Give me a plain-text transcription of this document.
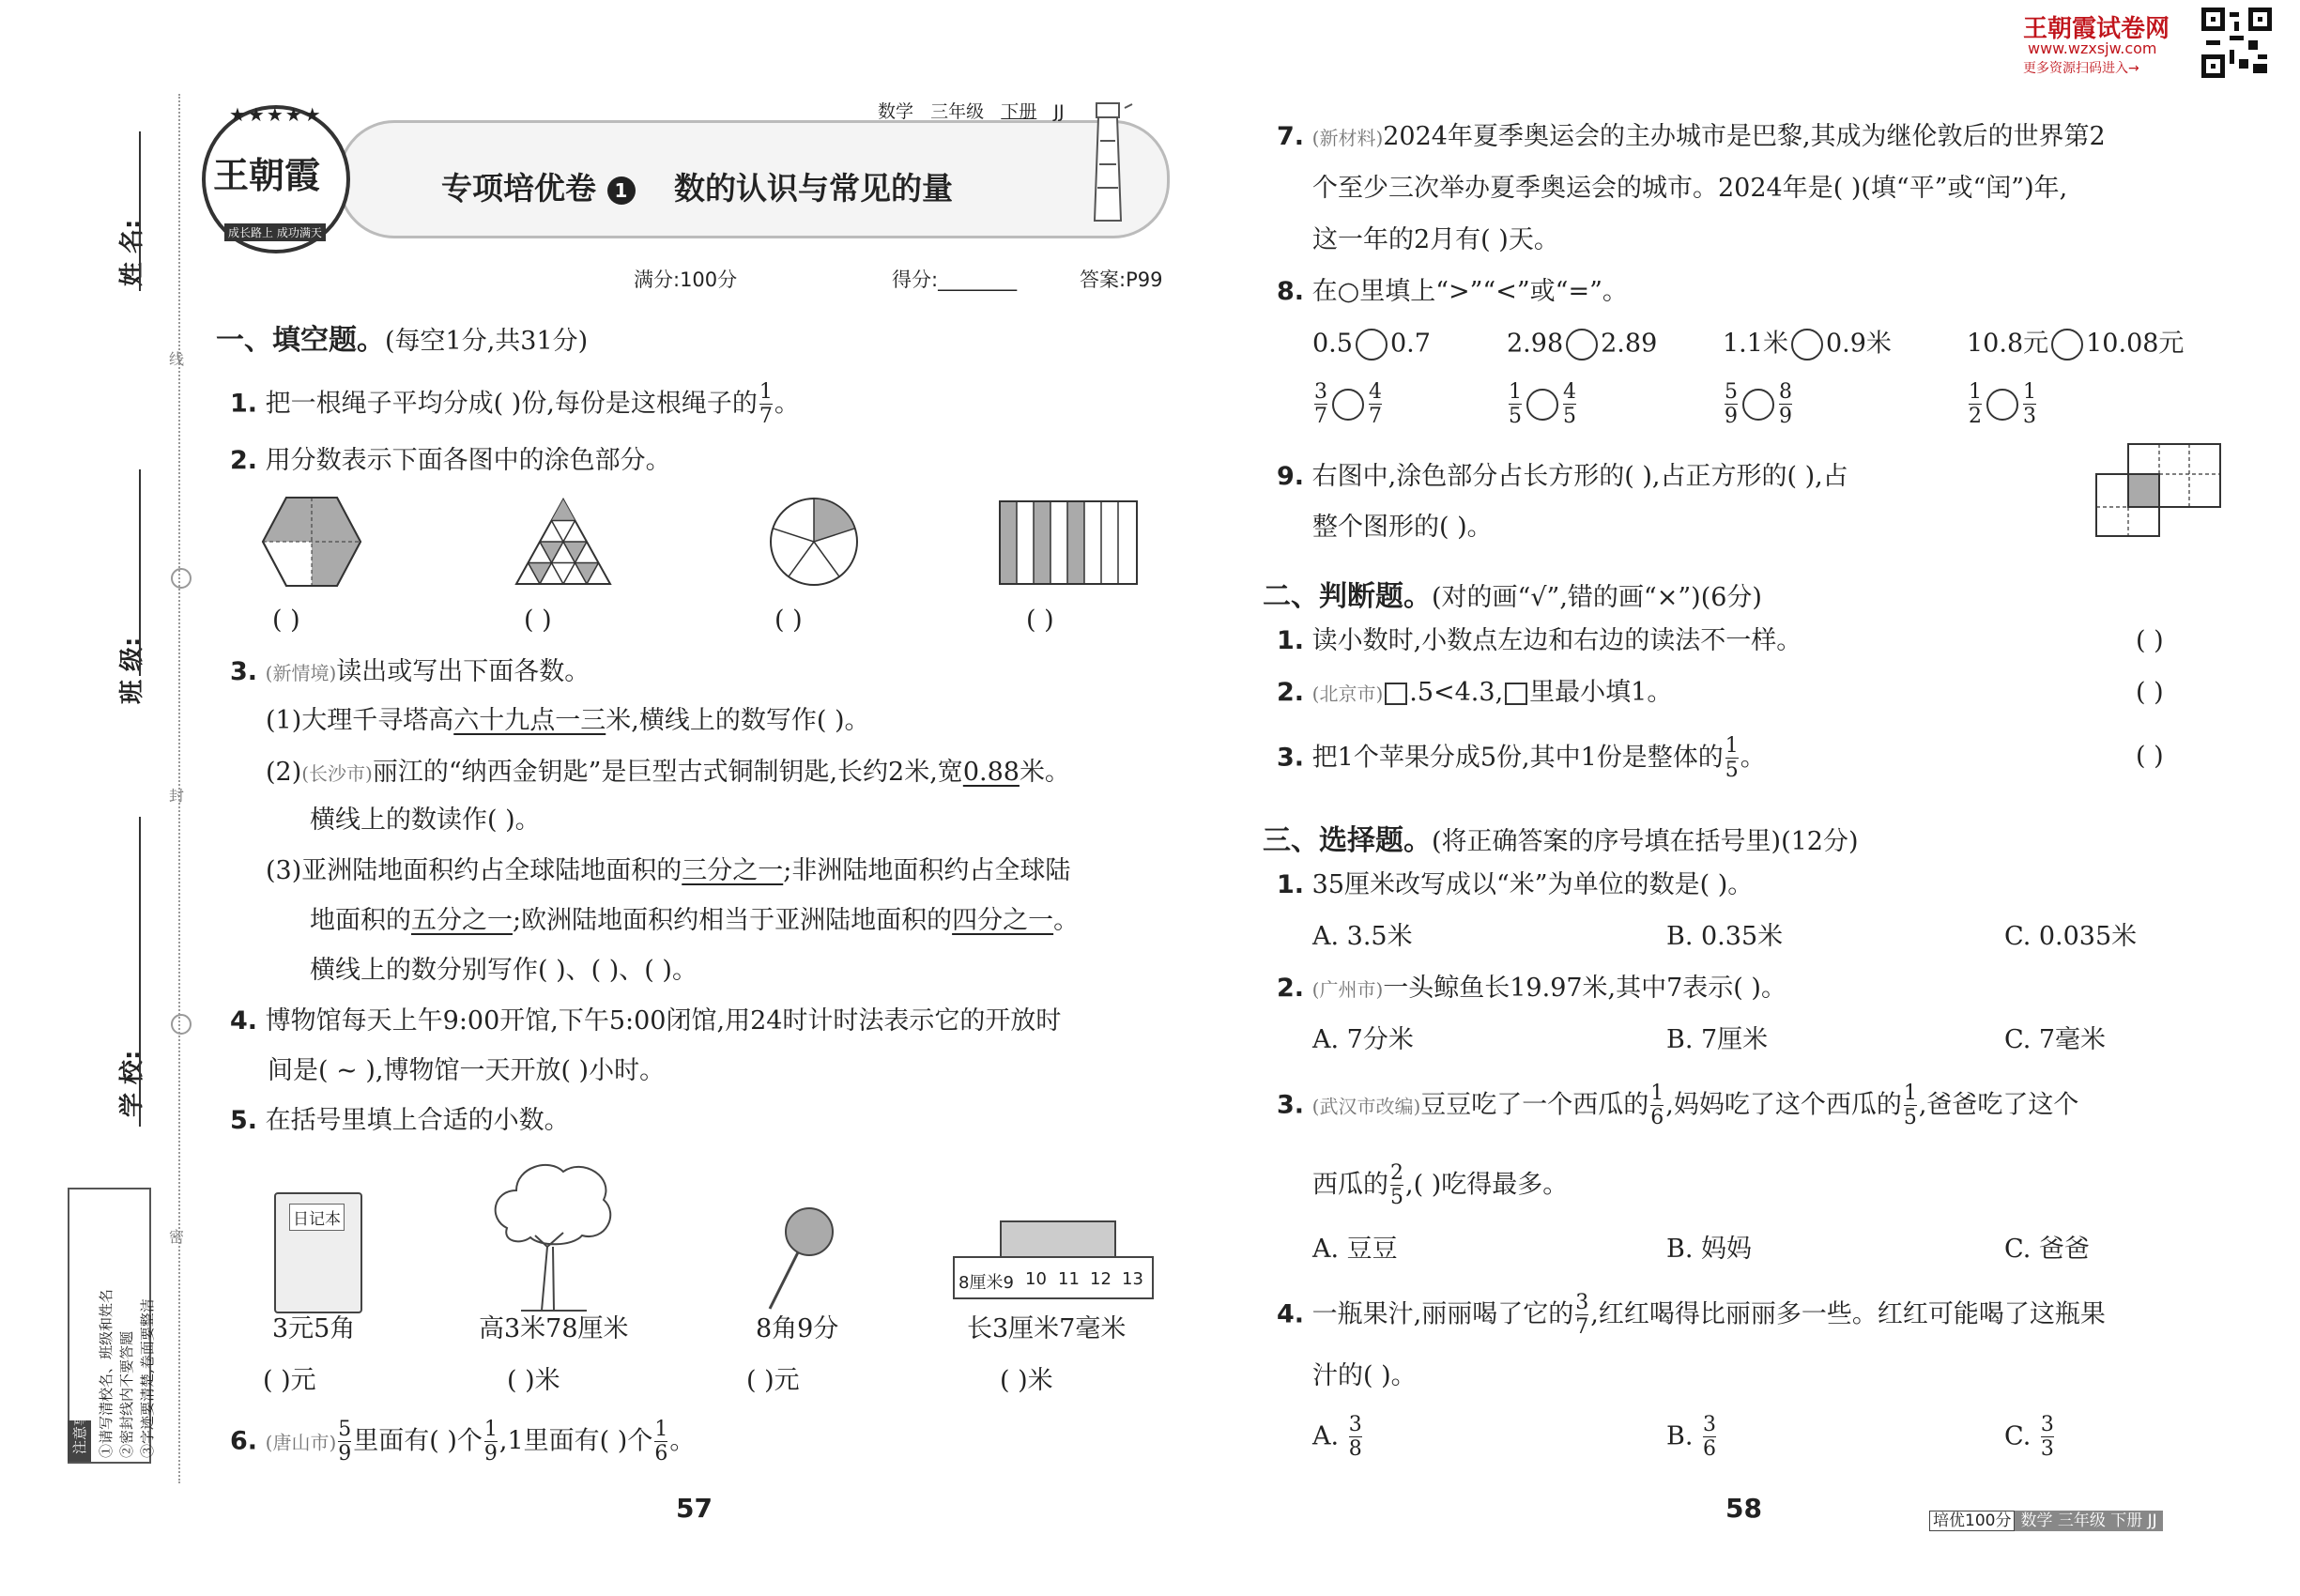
姓 名:
线
班 级:
封
学 校:
密
注意事项 ①请写清校名、班级和姓名 ②密封线内不要答题 ③字迹要清楚,卷面要整洁
★★★★★
王朝霞
成长路上 成功满天
数学 三年级 下册 JJ
专项培优卷 1 数的认识与常见的量
满分:100分	得分:________	答案:P99
一、填空题。(每空1分,共31分)
1. 把一根绳子平均分成( )份,每份是这根绳子的 $\frac{1}{7}$ 。
2. 用分数表示下面各图中的涂色部分。
( )	( )	( )	( )
3. (新情境)读出或写出下面各数。
(1)大理千寻塔高六十九点一三米,横线上的数写作( )。
(2)(长沙市)丽江的“纳西金钥匙”是巨型古式铜制钥匙,长约2米,宽0.88米。
横线上的数读作( )。
(3)亚洲陆地面积约占全球陆地面积的三分之一;非洲陆地面积约占全球陆
地面积的五分之一;欧洲陆地面积约相当于亚洲陆地面积的四分之一。
横线上的数分别写作( )、( )、( )。
4. 博物馆每天上午9:00开馆,下午5:00闭馆,用24时计时法表示它的开放时
间是( ~ ),博物馆一天开放( )小时。
5. 在括号里填上合适的小数。
日记本
8厘米9 10 11 12 13
3元5角	高3米78厘米	8角9分	长3厘米7毫米
( )元	( )米	( )元	( )米
6. (唐山市) $\frac{5}{9}$ 里面有( )个 $\frac{1}{9} ,1$里面有( )个 $\frac{1}{6}$ 。
57
王朝霞试卷网
www.wzxsjw.com
更多资源扫码进入→
7. (新材料)2024年夏季奥运会的主办城市是巴黎,其成为继伦敦后的世界第2
个至少三次举办夏季奥运会的城市。2024年是( )(填“平”或“闰”)年,
这一年的2月有( )天。
8. 在○里填上“>”“<”或“=”。
0.5 0.7	2.98 2.89	1.1米 0.9米	10.8元 10.08元
$\frac{3}{7} \frac{4}{7}$	$\frac{1}{5} \frac{4}{5}$	$\frac{5}{9} \frac{8}{9}$	$\frac{1}{2} \frac{1}{3}$
9. 右图中,涂色部分占长方形的( ),占正方形的( ),占
整个图形的( )。
二、判断题。(对的画“√”,错的画“×”)(6分)
1. 读小数时,小数点左边和右边的读法不一样。	( )
2. (北京市) .5<4.3, 里最小填1。	( )
3. 把1个苹果分成5份,其中1份是整体的 $\frac{1}{5}$ 。	( )
三、选择题。(将正确答案的序号填在括号里)(12分)
1. 35厘米改写成以“米”为单位的数是( )。
A. 3.5米	B. 0.35米	C. 0.035米
2. (广州市)一头鲸鱼长19.97米,其中7表示( )。
A. 7分米	B. 7厘米	C. 7毫米
3. (武汉市改编)豆豆吃了一个西瓜的 $\frac{1}{6}$ ,妈妈吃了这个西瓜的 $\frac{1}{5}$ ,爸爸吃了这个
西瓜的 $\frac{2}{5}$ ,( )吃得最多。
A. 豆豆	B. 妈妈	C. 爸爸
4. 一瓶果汁,丽丽喝了它的 $\frac{3}{7}$ ,红红喝得比丽丽多一些。红红可能喝了这瓶果
汁的( )。
A. $\frac{3}{8}$	B. $\frac{3}{6}$	C. $\frac{3}{3}$
58	培优100分 数学 三年级 下册 JJ
